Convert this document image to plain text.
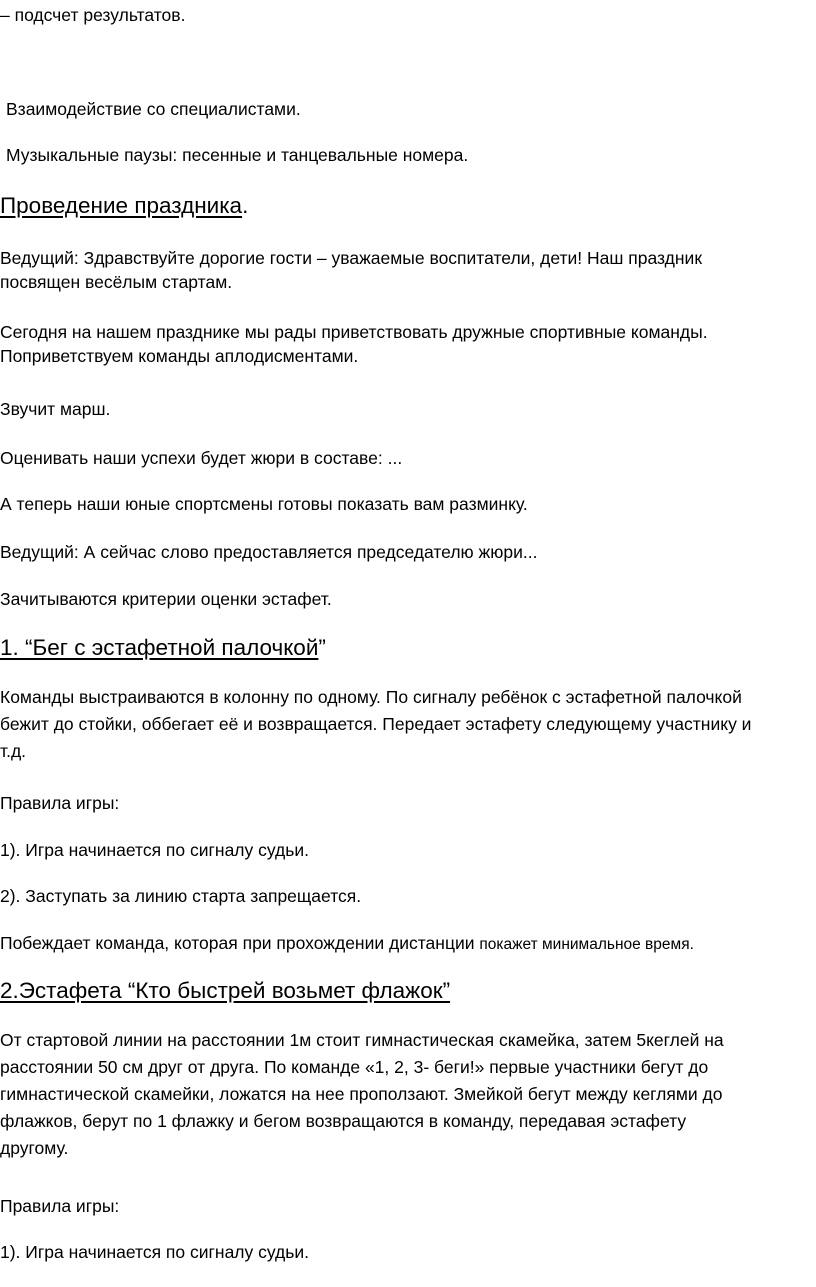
– подсчет результатов.

Взаимодействие со специалистами.

Музыкальные паузы: песенные и танцевальные номера.

Проведение праздника.

Ведущий: Здравствуйте дорогие гости – уважаемые воспитатели, дети! Наш праздник
посвящен весёлым стартам.

Сегодня на нашем празднике мы рады приветствовать дружные спортивные команды.
Поприветствуем команды аплодисментами.

Звучит марш.

Оценивать наши успехи будет жюри в составе: ...

А теперь наши юные спортсмены готовы показать вам разминку.

Ведущий: А сейчас слово предоставляется председателю жюри...

Зачитываются критерии оценки эстафет.

1. “Бег с эстафетной палочкой”

Команды выстраиваются в колонну по одному. По сигналу ребёнок с эстафетной палочкой
бежит до стойки, оббегает её и возвращается. Передает эстафету следующему участнику и
т.д.

Правила игры:

1). Игра начинается по сигналу судьи.

2). Заступать за линию старта запрещается.

Побеждает команда, которая при прохождении дистанции покажет минимальное время.

2.Эстафета “Кто быстрей возьмет флажок”

От стартовой линии на расстоянии 1м стоит гимнастическая скамейка, затем 5кеглей на
расстоянии 50 см друг от друга. По команде «1, 2, 3- беги!» первые участники бегут до
гимнастической скамейки, ложатся на нее проползают. Змейкой бегут между кеглями до
флажков, берут по 1 флажку и бегом возвращаются в команду, передавая эстафету
другому.

Правила игры:

1). Игра начинается по сигналу судьи.
